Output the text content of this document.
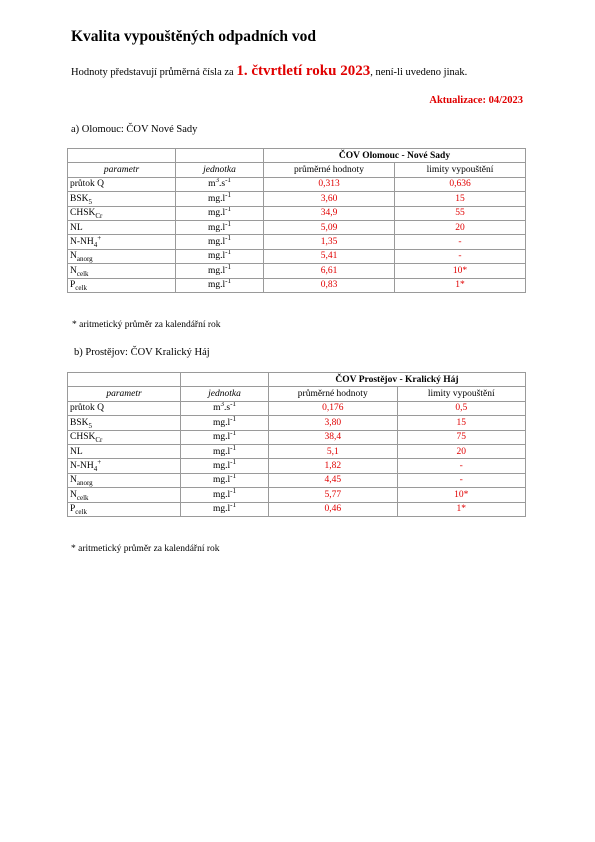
Kvalita vypouštěných odpadních vod
Hodnoty představují průměrná čísla za 1. čtvrtletí roku 2023, není-li uvedeno jinak.
Aktualizace: 04/2023
a) Olomouc: ČOV Nové Sady
		ČOV Olomouc - Nové Sady	
parametr	jednotka	průměrné hodnoty	limity vypouštění
průtok Q	$m^3.s^{-1}$	0,313	0,636
$BSK_5$	$mg.l^{-1}$	3,60	15
$CHSK_{Cr}$	$mg.l^{-1}$	34,9	55
NL	$mg.l^{-1}$	5,09	20
$N-NH_4^+$	$mg.l^{-1}$	1,35	-
$N_{anorg}$	$mg.l^{-1}$	5,41	-
$N_{celk}$	$mg.l^{-1}$	6,61	10*
$P_{celk}$	$mg.l^{-1}$	0,83	1*
* aritmetický průměr za kalendářní rok
b) Prostějov: ČOV Kralický Háj
		ČOV Prostějov - Kralický Háj	
parametr	jednotka	průměrné hodnoty	limity vypouštění
průtok Q	$m^3.s^{-1}$	0,176	0,5
$BSK_5$	$mg.l^{-1}$	3,80	15
$CHSK_{Cr}$	$mg.l^{-1}$	38,4	75
NL	$mg.l^{-1}$	5,1	20
$N-NH_4^+$	$mg.l^{-1}$	1,82	-
$N_{anorg}$	$mg.l^{-1}$	4,45	-
$N_{celk}$	$mg.l^{-1}$	5,77	10*
$P_{celk}$	$mg.l^{-1}$	0,46	1*
* aritmetický průměr za kalendářní rok
